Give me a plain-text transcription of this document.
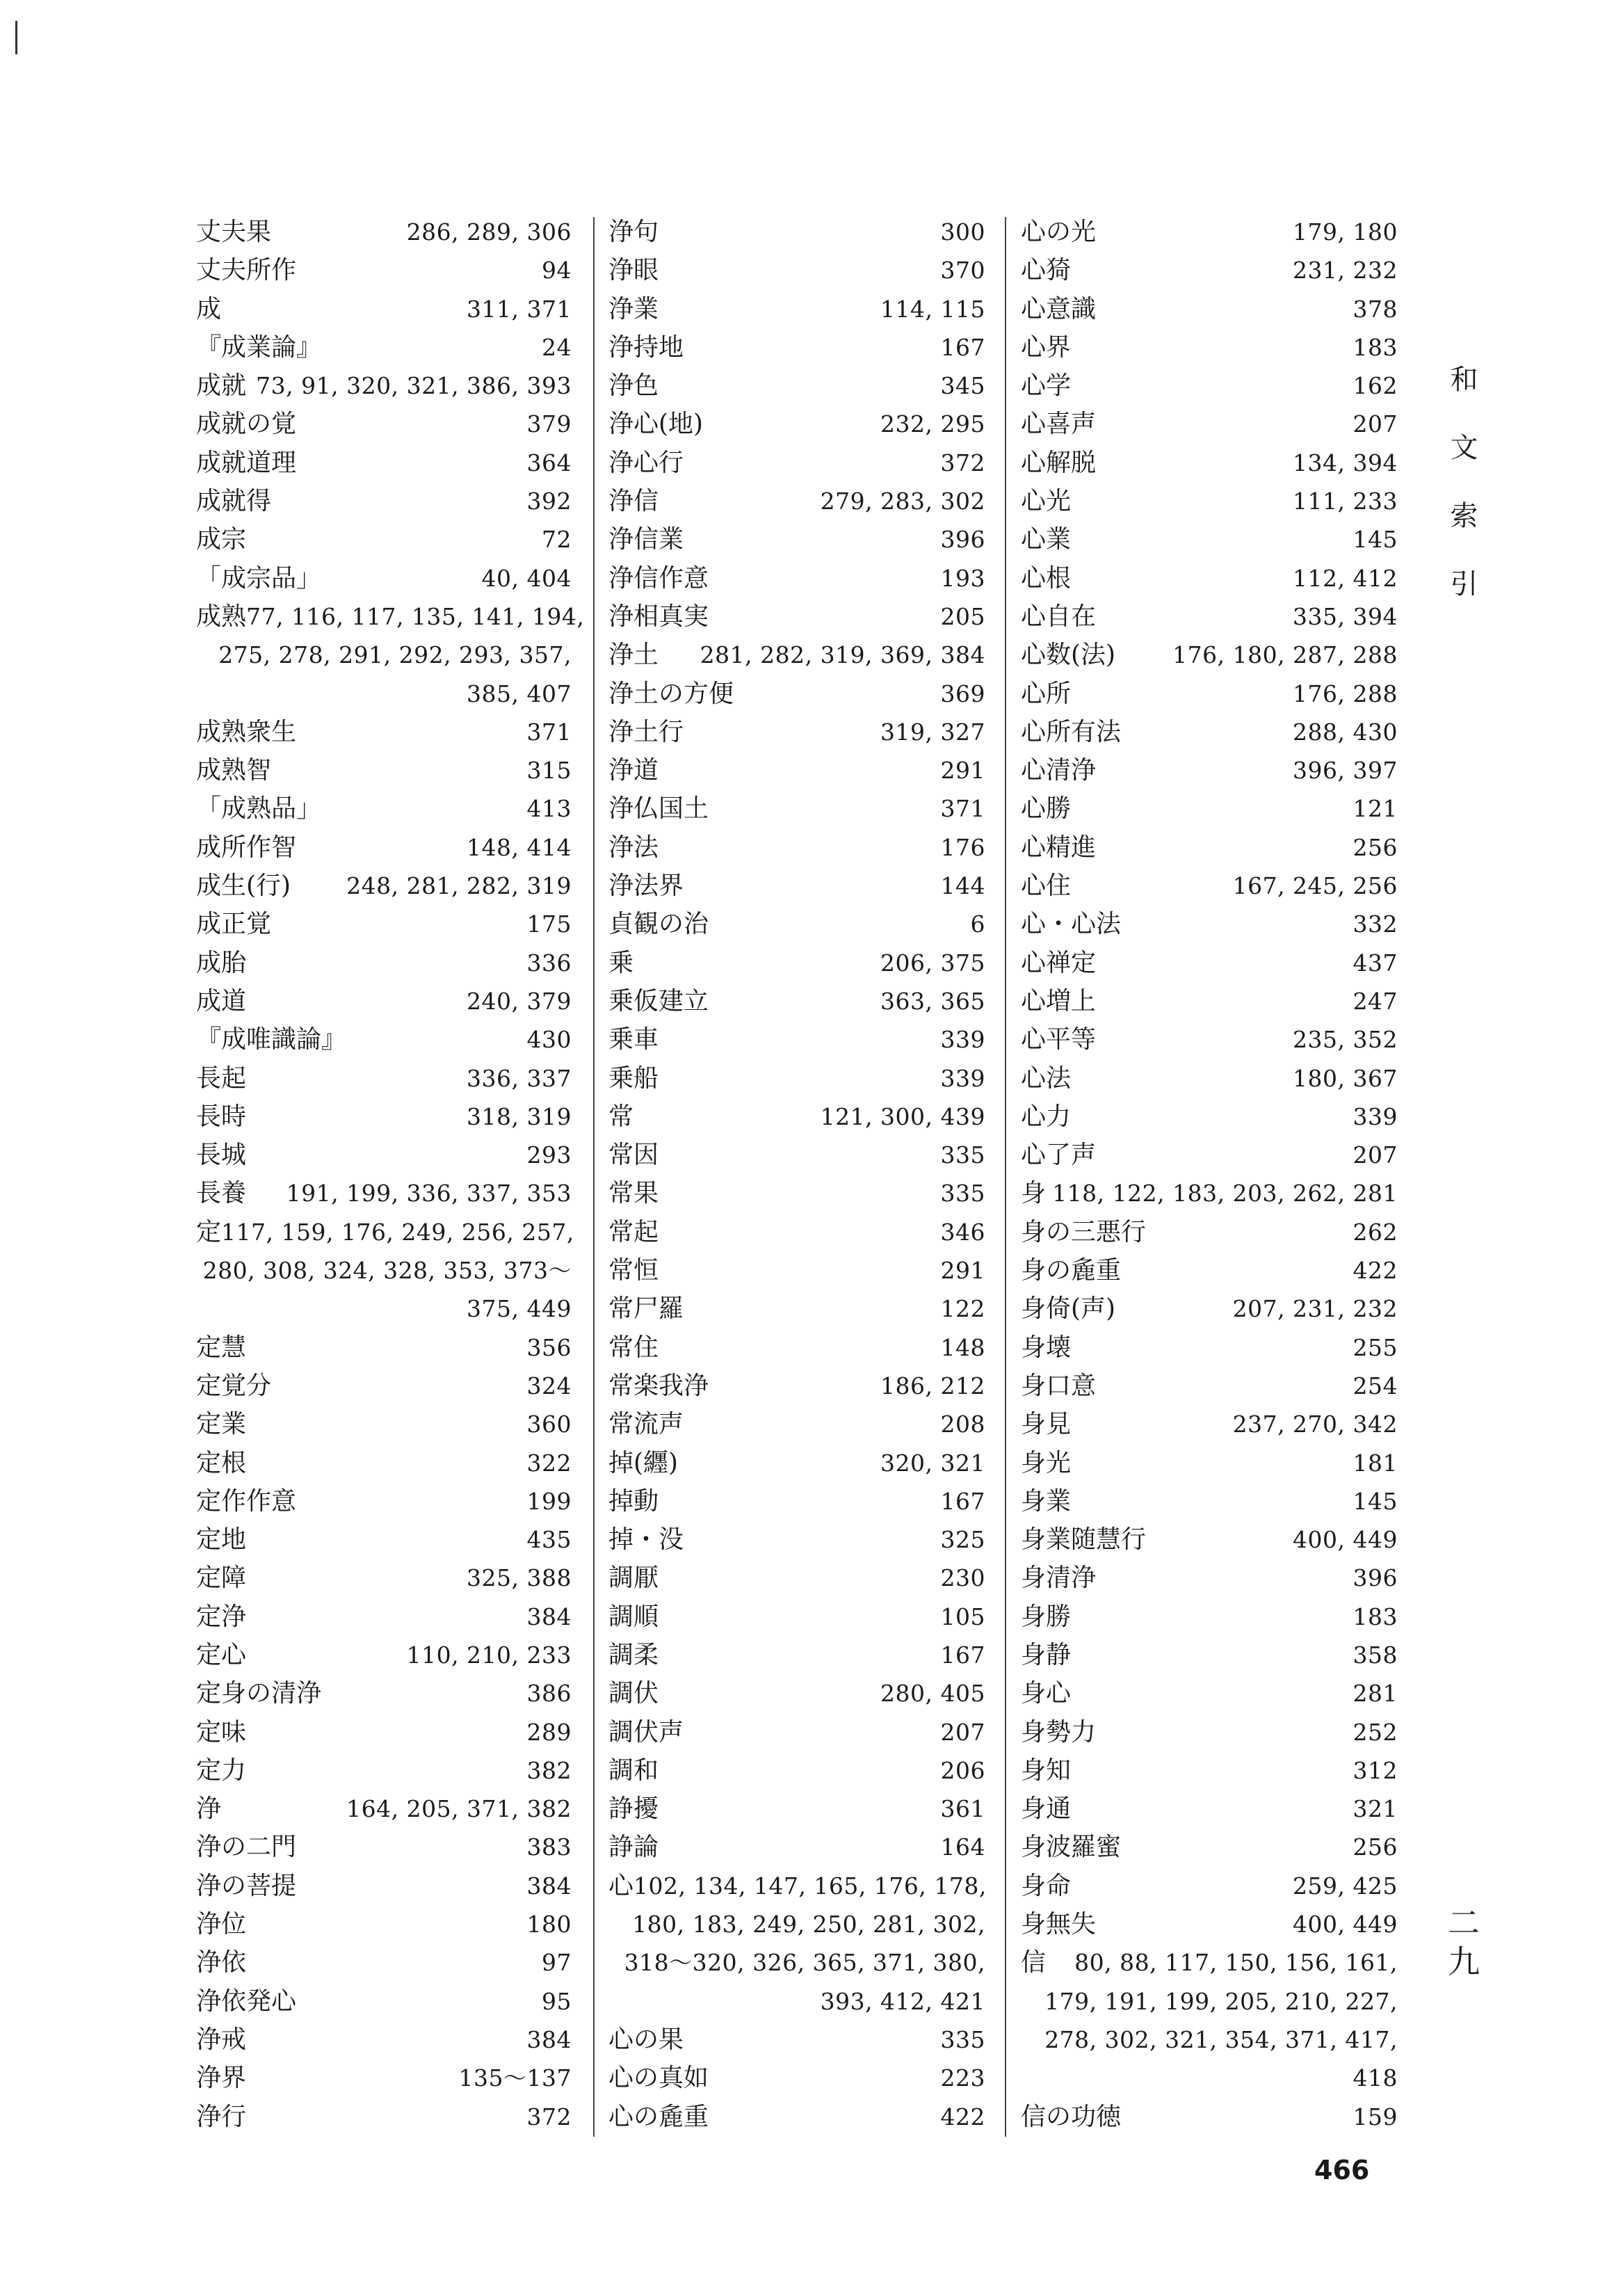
丈夫果	286, 289, 306
丈夫所作	94
成	311, 371
『成業論』	24
成就 73, 91, 320, 321, 386, 393
成就の覚	379
成就道理	364
成就得	392
成宗	72
「成宗品」	40, 404
成熟 77, 116, 117, 135, 141, 194,
275, 278, 291, 292, 293, 357,
385, 407
成熟衆生	371
成熟智	315
「成熟品」	413
成所作智	148, 414
成生(行) 248, 281, 282, 319
成正覚	175
成胎	336
成道	240, 379
『成唯識論』	430
長起	336, 337
長時	318, 319
長城	293
長養 191, 199, 336, 337, 353
定 117, 159, 176, 249, 256, 257,
280, 308, 324, 328, 353, 373～
375, 449
定慧	356
定覚分	324
定業	360
定根	322
定作作意	199
定地	435
定障	325, 388
定浄	384
定心	110, 210, 233
定身の清浄	386
定味	289
定力	382
浄	164, 205, 371, 382
浄の二門	383
浄の菩提	384
浄位	180
浄依	97
浄依発心	95
浄戒	384
浄界	135～137
浄行	372
浄句	300
浄眼	370
浄業	114, 115
浄持地	167
浄色	345
浄心(地)	232, 295
浄心行	372
浄信	279, 283, 302
浄信業	396
浄信作意	193
浄相真実	205
浄土 281, 282, 319, 369, 384
浄土の方便	369
浄土行	319, 327
浄道	291
浄仏国土	371
浄法	176
浄法界	144
貞観の治	6
乗	206, 375
乗仮建立	363, 365
乗車	339
乗船	339
常	121, 300, 439
常因	335
常果	335
常起	346
常恒	291
常尸羅	122
常住	148
常楽我浄	186, 212
常流声	208
掉(纒)	320, 321
掉動	167
掉・没	325
調厭	230
調順	105
調柔	167
調伏	280, 405
調伏声	207
調和	206
諍擾	361
諍論	164
心 102, 134, 147, 165, 176, 178,
180, 183, 249, 250, 281, 302,
318～320, 326, 365, 371, 380,
393, 412, 421
心の果	335
心の真如	223
心の麁重	422
心の光	179, 180
心猗	231, 232
心意識	378
心界	183
心学	162
心喜声	207
心解脱	134, 394
心光	111, 233
心業	145
心根	112, 412
心自在	335, 394
心数(法) 176, 180, 287, 288
心所	176, 288
心所有法	288, 430
心清浄	396, 397
心勝	121
心精進	256
心住	167, 245, 256
心・心法	332
心禅定	437
心増上	247
心平等	235, 352
心法	180, 367
心力	339
心了声	207
身 118, 122, 183, 203, 262, 281
身の三悪行	262
身の麁重	422
身倚(声)	207, 231, 232
身壊	255
身口意	254
身見	237, 270, 342
身光	181
身業	145
身業随慧行	400, 449
身清浄	396
身勝	183
身静	358
身心	281
身勢力	252
身知	312
身通	321
身波羅蜜	256
身命	259, 425
身無失	400, 449
信 80, 88, 117, 150, 156, 161,
179, 191, 199, 205, 210, 227,
278, 302, 321, 354, 371, 417,
418
信の功徳	159
和文索引
二九
466
